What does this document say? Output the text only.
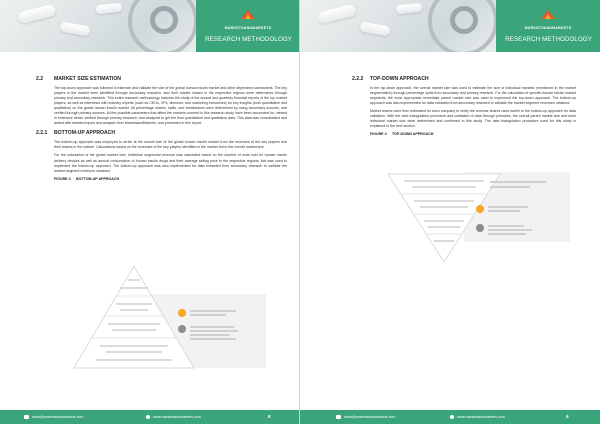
MARKETSANDMARKETS
RESEARCH METHODOLOGY
2.2	MARKET SIZE ESTIMATION

The top-down approach was followed to estimate and validate the size of the global human insulin market and other dependent submarkets. The key players in the market were identified through secondary research, and their market shares in the respective regions were determined through primary and secondary research. This entire research methodology includes the study of the annual and quarterly financial reports of the top market players, as well as interviews with industry experts (such as CEOs, VPs, directors, and marketing executives) for key insights (both quantitative and qualitative) on the global human insulin market. All percentage shares, splits, and breakdowns were determined by using secondary sources, and verified through primary sources. All the possible parameters that affect the markets covered in this research study have been accounted for, viewed in extensive detail, verified through primary research, and analyzed to get the final quantitative and qualitative data. This data was consolidated and added with detailed inputs and analysis from MarketsandMarkets, and presented in this report.

2.2.1	BOTTOM-UP APPROACH

The bottom-up approach was employed to arrive at the overall size of the global human insulin market from the revenues of the key players and their shares in the market. Calculations based on the revenues of the key players identified in the market led to the overall market size.

For the calculation of the global market size, individual segmental revenue was calculated based on the number of units sold for human insulin delivery devices as well as annual consumption of human insulin drugs and their average selling price in the respective regions; this was used to implement the bottom-up approach. The bottom-up approach was also implemented for data extracted from secondary research to validate the market segment revenues obtained.

FIGURE 3	BOTTOM-UP APPROACH
sales@marketsandmarkets.com	www.marketsandmarkets.com	8
MARKETSANDMARKETS
RESEARCH METHODOLOGY
2.2.2	TOP-DOWN APPROACH

In the top-down approach, the overall market size was used to estimate the size of individual markets (mentioned in the market segmentation) through percentage splits from secondary and primary research. For the calculation of specific human insulin market segments, the most appropriate immediate parent market size was used to implement the top-down approach. The bottom-up approach was also implemented for data extracted from secondary research to validate the market segment revenues obtained.

Market shares were then estimated for each company to verify the revenue shares used earlier in the bottom-up approach for data validation. With the data triangulation procedure and validation of data through primaries, the overall parent market size and each individual market size were determined and confirmed in this study. The data triangulation procedure used for this study is explained in the next section.

FIGURE 4	TOP-DOWN APPROACH
sales@marketsandmarkets.com	www.marketsandmarkets.com	9
